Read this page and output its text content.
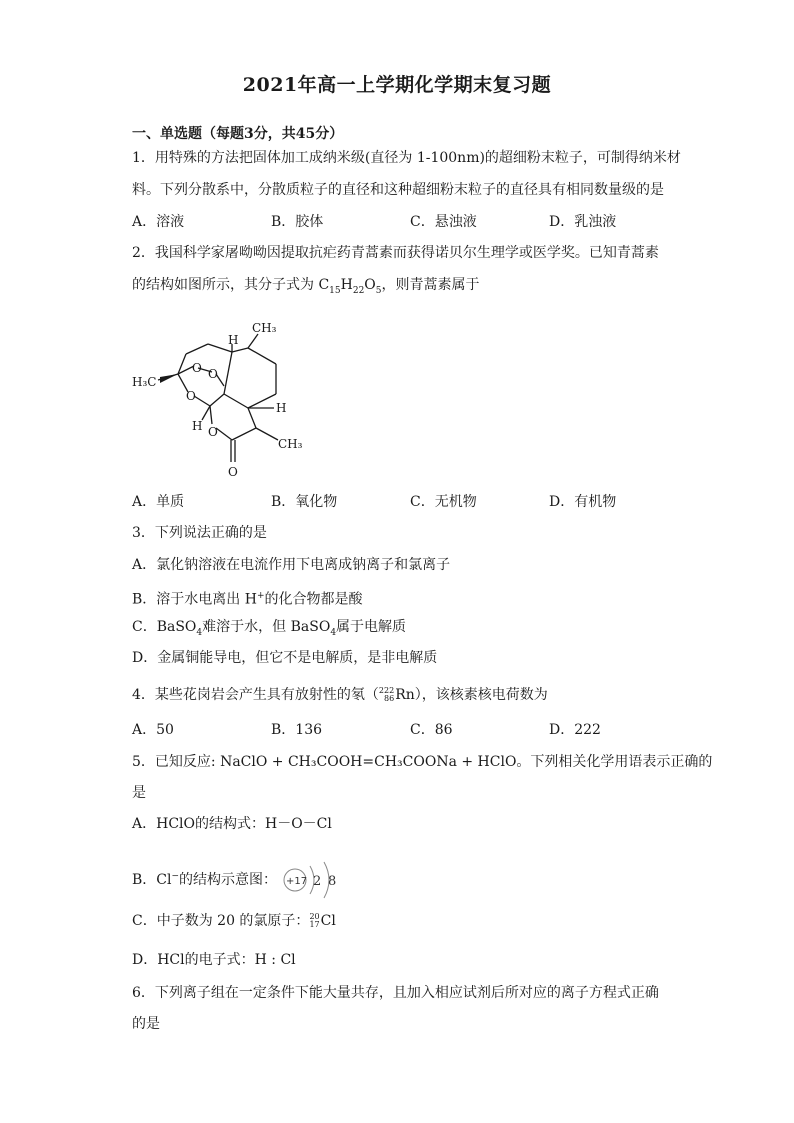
2021年高一上学期化学期末复习题
一、单选题（每题3分，共45分）
1．用特殊的方法把固体加工成纳米级(直径为 1-100nm)的超细粉末粒子，可制得纳米材
料。下列分散系中，分散质粒子的直径和这种超细粉末粒子的直径具有相同数量级的是
A．溶液	B．胶体	C．悬浊液	D．乳浊液
2．我国科学家屠呦呦因提取抗疟药青蒿素而获得诺贝尔生理学或医学奖。已知青蒿素
的结构如图所示，其分子式为 $C_{15}H_{22}O_5$，则青蒿素属于
CH₃
H
H₃C
O O
O
H
H O
CH₃
O
A．单质	B．氧化物	C．无机物	D．有机物
3．下列说法正确的是
A．氯化钠溶液在电流作用下电离成钠离子和氯离子
B．溶于水电离出 H+的化合物都是酸
C．BaSO$_4$难溶于水，但 BaSO$_4$属于电解质
D．金属铜能导电，但它不是电解质，是非电解质
4．某些花岗岩会产生具有放射性的氡（222
86Rn），该核素核电荷数为
A．50	B．136	C．86	D．222
5．已知反应: NaClO + CH₃COOH=CH₃COONa + HClO。下列相关化学用语表示正确的
是
A．HClO的结构式：H－O－Cl
B．Cl−的结构示意图： +17 2 8
C．中子数为 20 的氯原子：20
17Cl
D．HCl的电子式：H : Cl
6．下列离子组在一定条件下能大量共存，且加入相应试剂后所对应的离子方程式正确
的是
